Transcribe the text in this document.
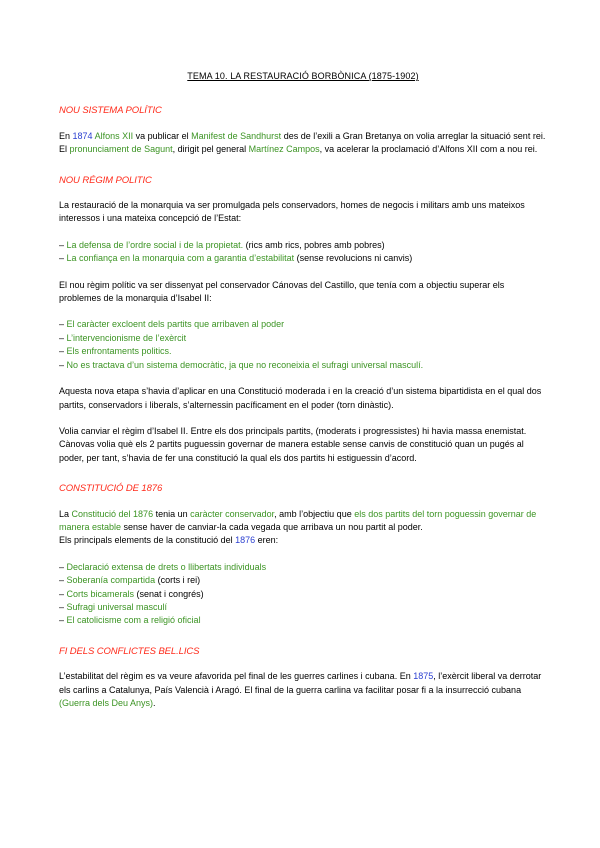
TEMA 10. LA RESTAURACIÓ BORBÒNICA (1875-1902)
NOU SISTEMA POLÍTIC

En 1874 Alfons XII va publicar el Manifest de Sandhurst des de l’exili a Gran Bretanya on volia arreglar la situació sent rei. El pronunciament de Sagunt, dirigit pel general Martínez Campos, va acelerar la proclamació d’Alfons XII com a nou rei.

NOU RÉGIM POLITIC

La restauració de la monarquia va ser promulgada pels conservadors, homes de negocis i militars amb uns mateixos interessos i una mateixa concepció de l’Estat:

– La defensa de l’ordre social i de la propietat. (rics amb rics, pobres amb pobres)
– La confiança en la monarquia com a garantia d’estabilitat (sense revolucions ni canvis)

El nou règim polític va ser dissenyat pel conservador Cánovas del Castillo, que tenía com a objectiu superar els problemes de la monarquia d’Isabel II:

– El caràcter excloent dels partits que arribaven al poder
– L’intervencionisme de l’exèrcit
– Els enfrontaments politics.
– No es tractava d’un sistema democràtic, ja que no reconeixia el sufragi universal masculí.

Aquesta nova etapa s’havia d’aplicar en una Constitució moderada i en la creació d’un sistema bipartidista en el qual dos partits, conservadors i liberals, s’alternessin pacíficament en el poder (torn dinàstic).

Volia canviar el règim d’Isabel II. Entre els dos principals partits, (moderats i progressistes) hi havia massa enemistat. Cànovas volia què els 2 partits puguessin governar de manera estable sense canvis de constitució quan un pugés al poder, per tant, s’havia de fer una constitució la qual els dos partits hi estiguessin d’acord.

CONSTITUCIÓ DE 1876

La Constitució del 1876 tenia un caràcter conservador, amb l’objectiu que els dos partits del torn poguessin governar de manera estable sense haver de canviar-la cada vegada que arribava un nou partit al poder.

Els principals elements de la constitució del 1876 eren:

– Declaració extensa de drets o llibertats individuals
– Soberanía compartida (corts i rei)
– Corts bicamerals (senat i congrés)
– Sufragi universal masculí
– El catolicisme com a religió oficial
FI DELS CONFLICTES BEL.LICS

L’estabilitat del règim es va veure afavorida pel final de les guerres carlines i cubana. En 1875, l’exèrcit liberal va derrotar els carlins a Catalunya, País Valencià i Aragó. El final de la guerra carlina va facilitar posar fi a la insurrecció cubana (Guerra dels Deu Anys).
